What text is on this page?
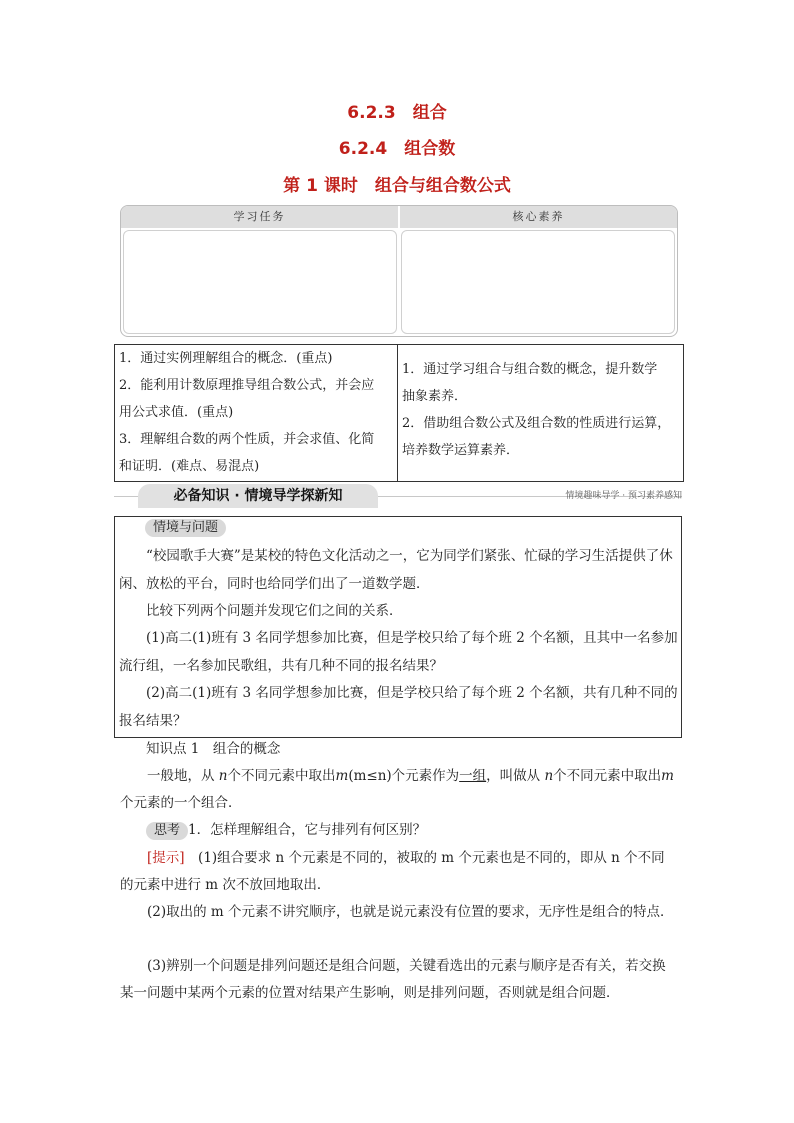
6.2.3　组合
6.2.4　组合数
第 1 课时　组合与组合数公式
学习任务	核心素养
1．通过实例理解组合的概念．(重点)
2．能利用计数原理推导组合数公式，并会应
用公式求值．(重点)
3．理解组合数的两个性质，并会求值、化简
和证明．(难点、易混点)
1．通过学习组合与组合数的概念，提升数学
抽象素养．
2．借助组合数公式及组合数的性质进行运算，
培养数学运算素养．
必备知识 · 情境导学探新知	情境趣味导学 · 预习素养感知
情境与问题
“校园歌手大赛”是某校的特色文化活动之一，它为同学们紧张、忙碌的学习生活提供了休闲、放松的平台，同时也给同学们出了一道数学题．
比较下列两个问题并发现它们之间的关系．
(1)高二(1)班有 3 名同学想参加比赛，但是学校只给了每个班 2 个名额，且其中一名参加流行组，一名参加民歌组，共有几种不同的报名结果？
(2)高二(1)班有 3 名同学想参加比赛，但是学校只给了每个班 2 个名额，共有几种不同的报名结果？
知识点 1　组合的概念
一般地，从 n个不同元素中取出m(m≤n)个元素作为一组，叫做从 n个不同元素中取出m个元素的一个组合．
思考 1．怎样理解组合，它与排列有何区别？
[提示]　 (1)组合要求 n 个元素是不同的，被取的 m 个元素也是不同的，即从 n 个不同的元素中进行 m 次不放回地取出．
(2)取出的 m 个元素不讲究顺序，也就是说元素没有位置的要求，无序性是组合的特点．
(3)辨别一个问题是排列问题还是组合问题，关键看选出的元素与顺序是否有关，若交换某一问题中某两个元素的位置对结果产生影响，则是排列问题，否则就是组合问题．
